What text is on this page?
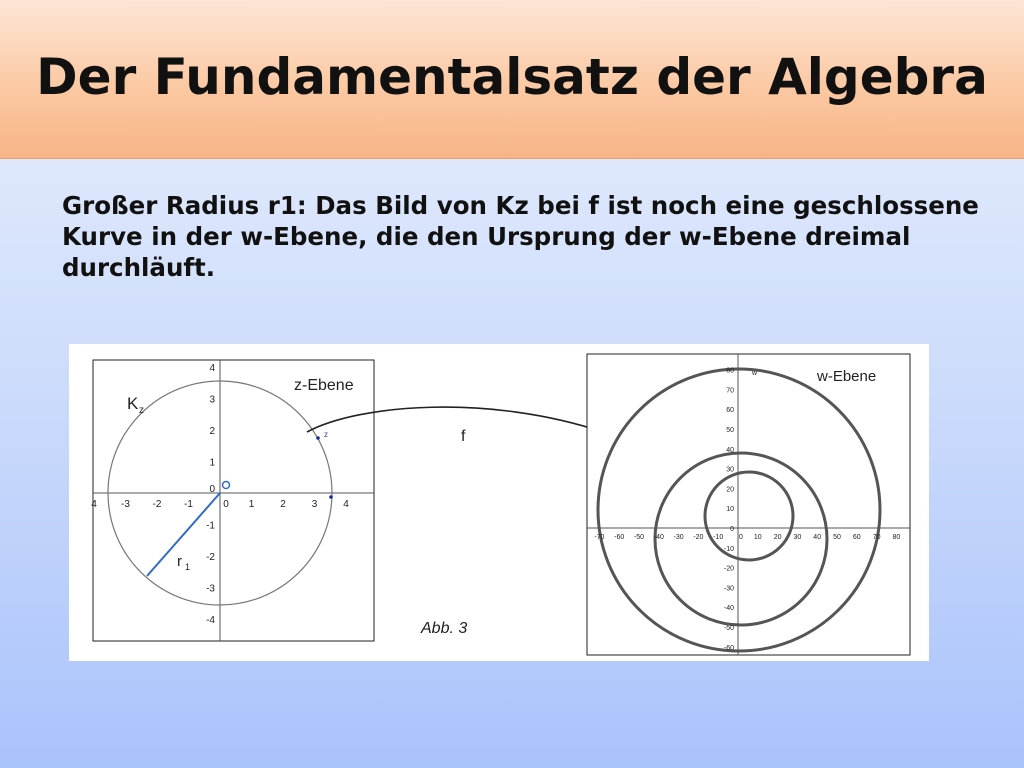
Der Fundamentalsatz der Algebra
Großer Radius r1: Das Bild von Kz bei f ist noch eine geschlossene Kurve in der w-Ebene, die den Ursprung der w-Ebene dreimal durchläuft.
K z
r 1
z
z-Ebene
4 -3 -2 -1	0 1	2	3	4
4
3
2
1
0
-1
-2
-3
-4
f
Abb. 3
w-Ebene
w
-70 -60 -50 -40 -30 -20 -10 0 10 20 30 40 50 60 70 80
80
70
60
50
40
30
20
10
0
-10
-20
-30
-40
-50
-60
